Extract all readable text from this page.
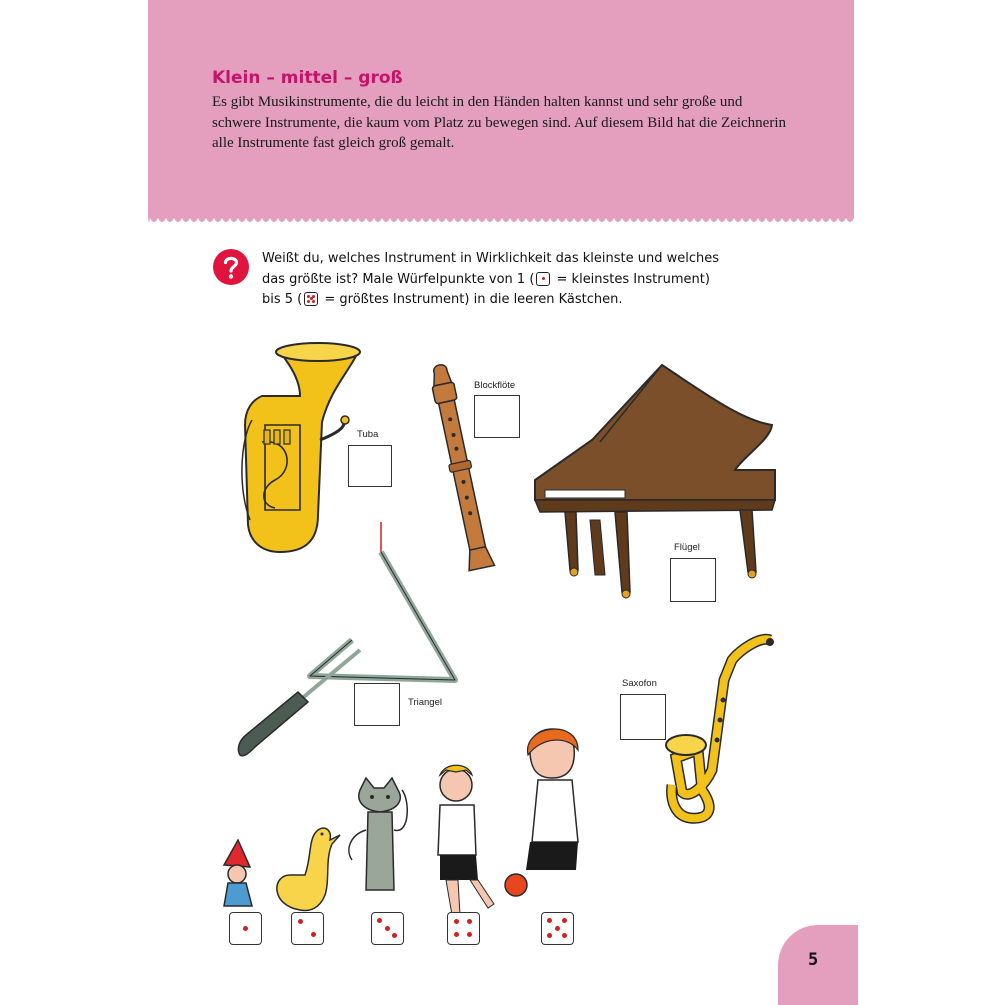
Klein – mittel – groß

Es gibt Musikinstrumente, die du leicht in den Händen halten kannst und sehr große und
schwere Instrumente, die kaum vom Platz zu bewegen sind. Auf diesem Bild hat die Zeichnerin
alle Instrumente fast gleich groß gemalt.

Weißt du, welches Instrument in Wirklichkeit das kleinste und welches
das größte ist? Male Würfelpunkte von 1 (
= kleinstes Instrument)
bis 5 (
= größtes Instrument) in die leeren Kästchen.

Tuba
Blockflöte
Flügel
Triangel
Saxofon
5
